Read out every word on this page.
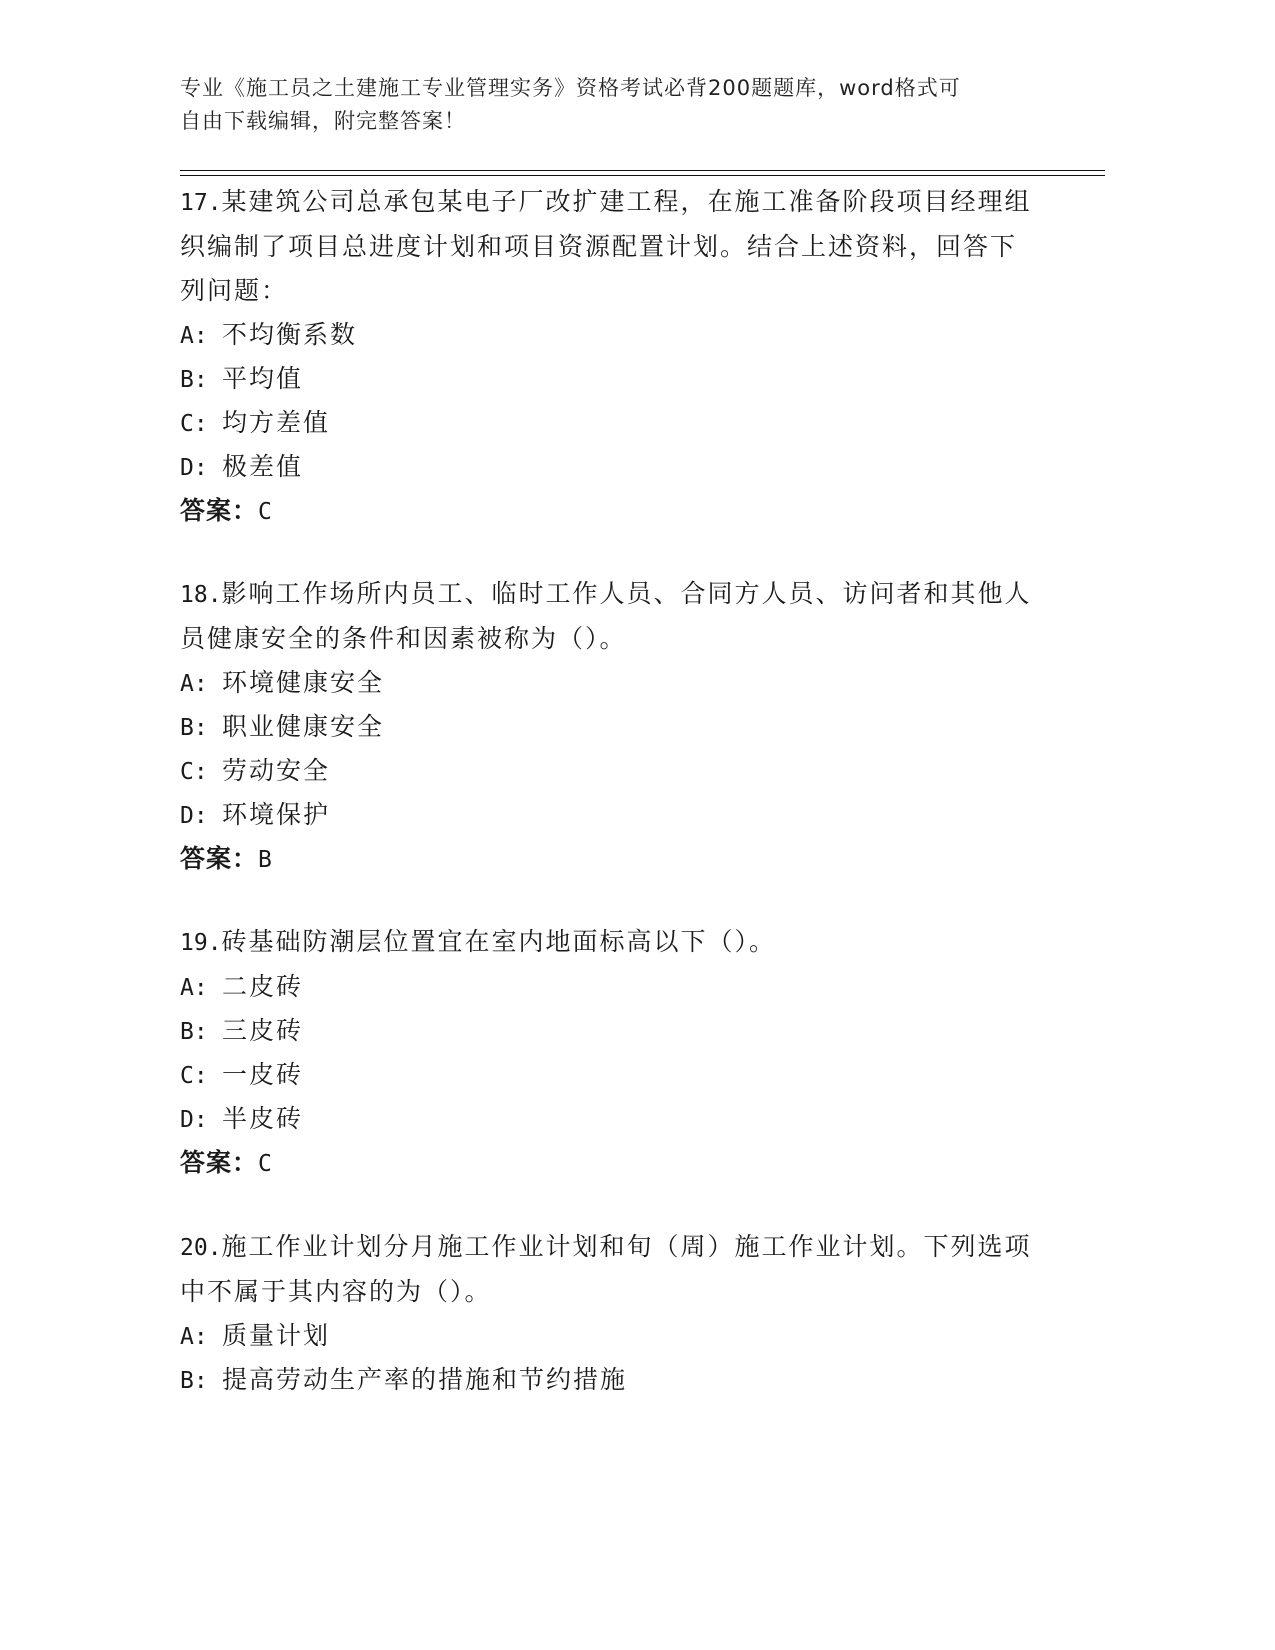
专业《施工员之土建施工专业管理实务》资格考试必背200题题库，word格式可
自由下载编辑，附完整答案！

17.某建筑公司总承包某电子厂改扩建工程，在施工准备阶段项目经理组织编制了项目总进度计划和项目资源配置计划。结合上述资料，回答下列问题：

A: 不均衡系数
B: 平均值
C: 均方差值
D: 极差值
答案：C

18.影响工作场所内员工、临时工作人员、合同方人员、访问者和其他人员健康安全的条件和因素被称为（）。

A: 环境健康安全
B: 职业健康安全
C: 劳动安全
D: 环境保护
答案：B

19.砖基础防潮层位置宜在室内地面标高以下（）。

A: 二皮砖
B: 三皮砖
C: 一皮砖
D: 半皮砖
答案：C

20.施工作业计划分月施工作业计划和旬（周）施工作业计划。下列选项中不属于其内容的为（）。

A: 质量计划
B: 提高劳动生产率的措施和节约措施
